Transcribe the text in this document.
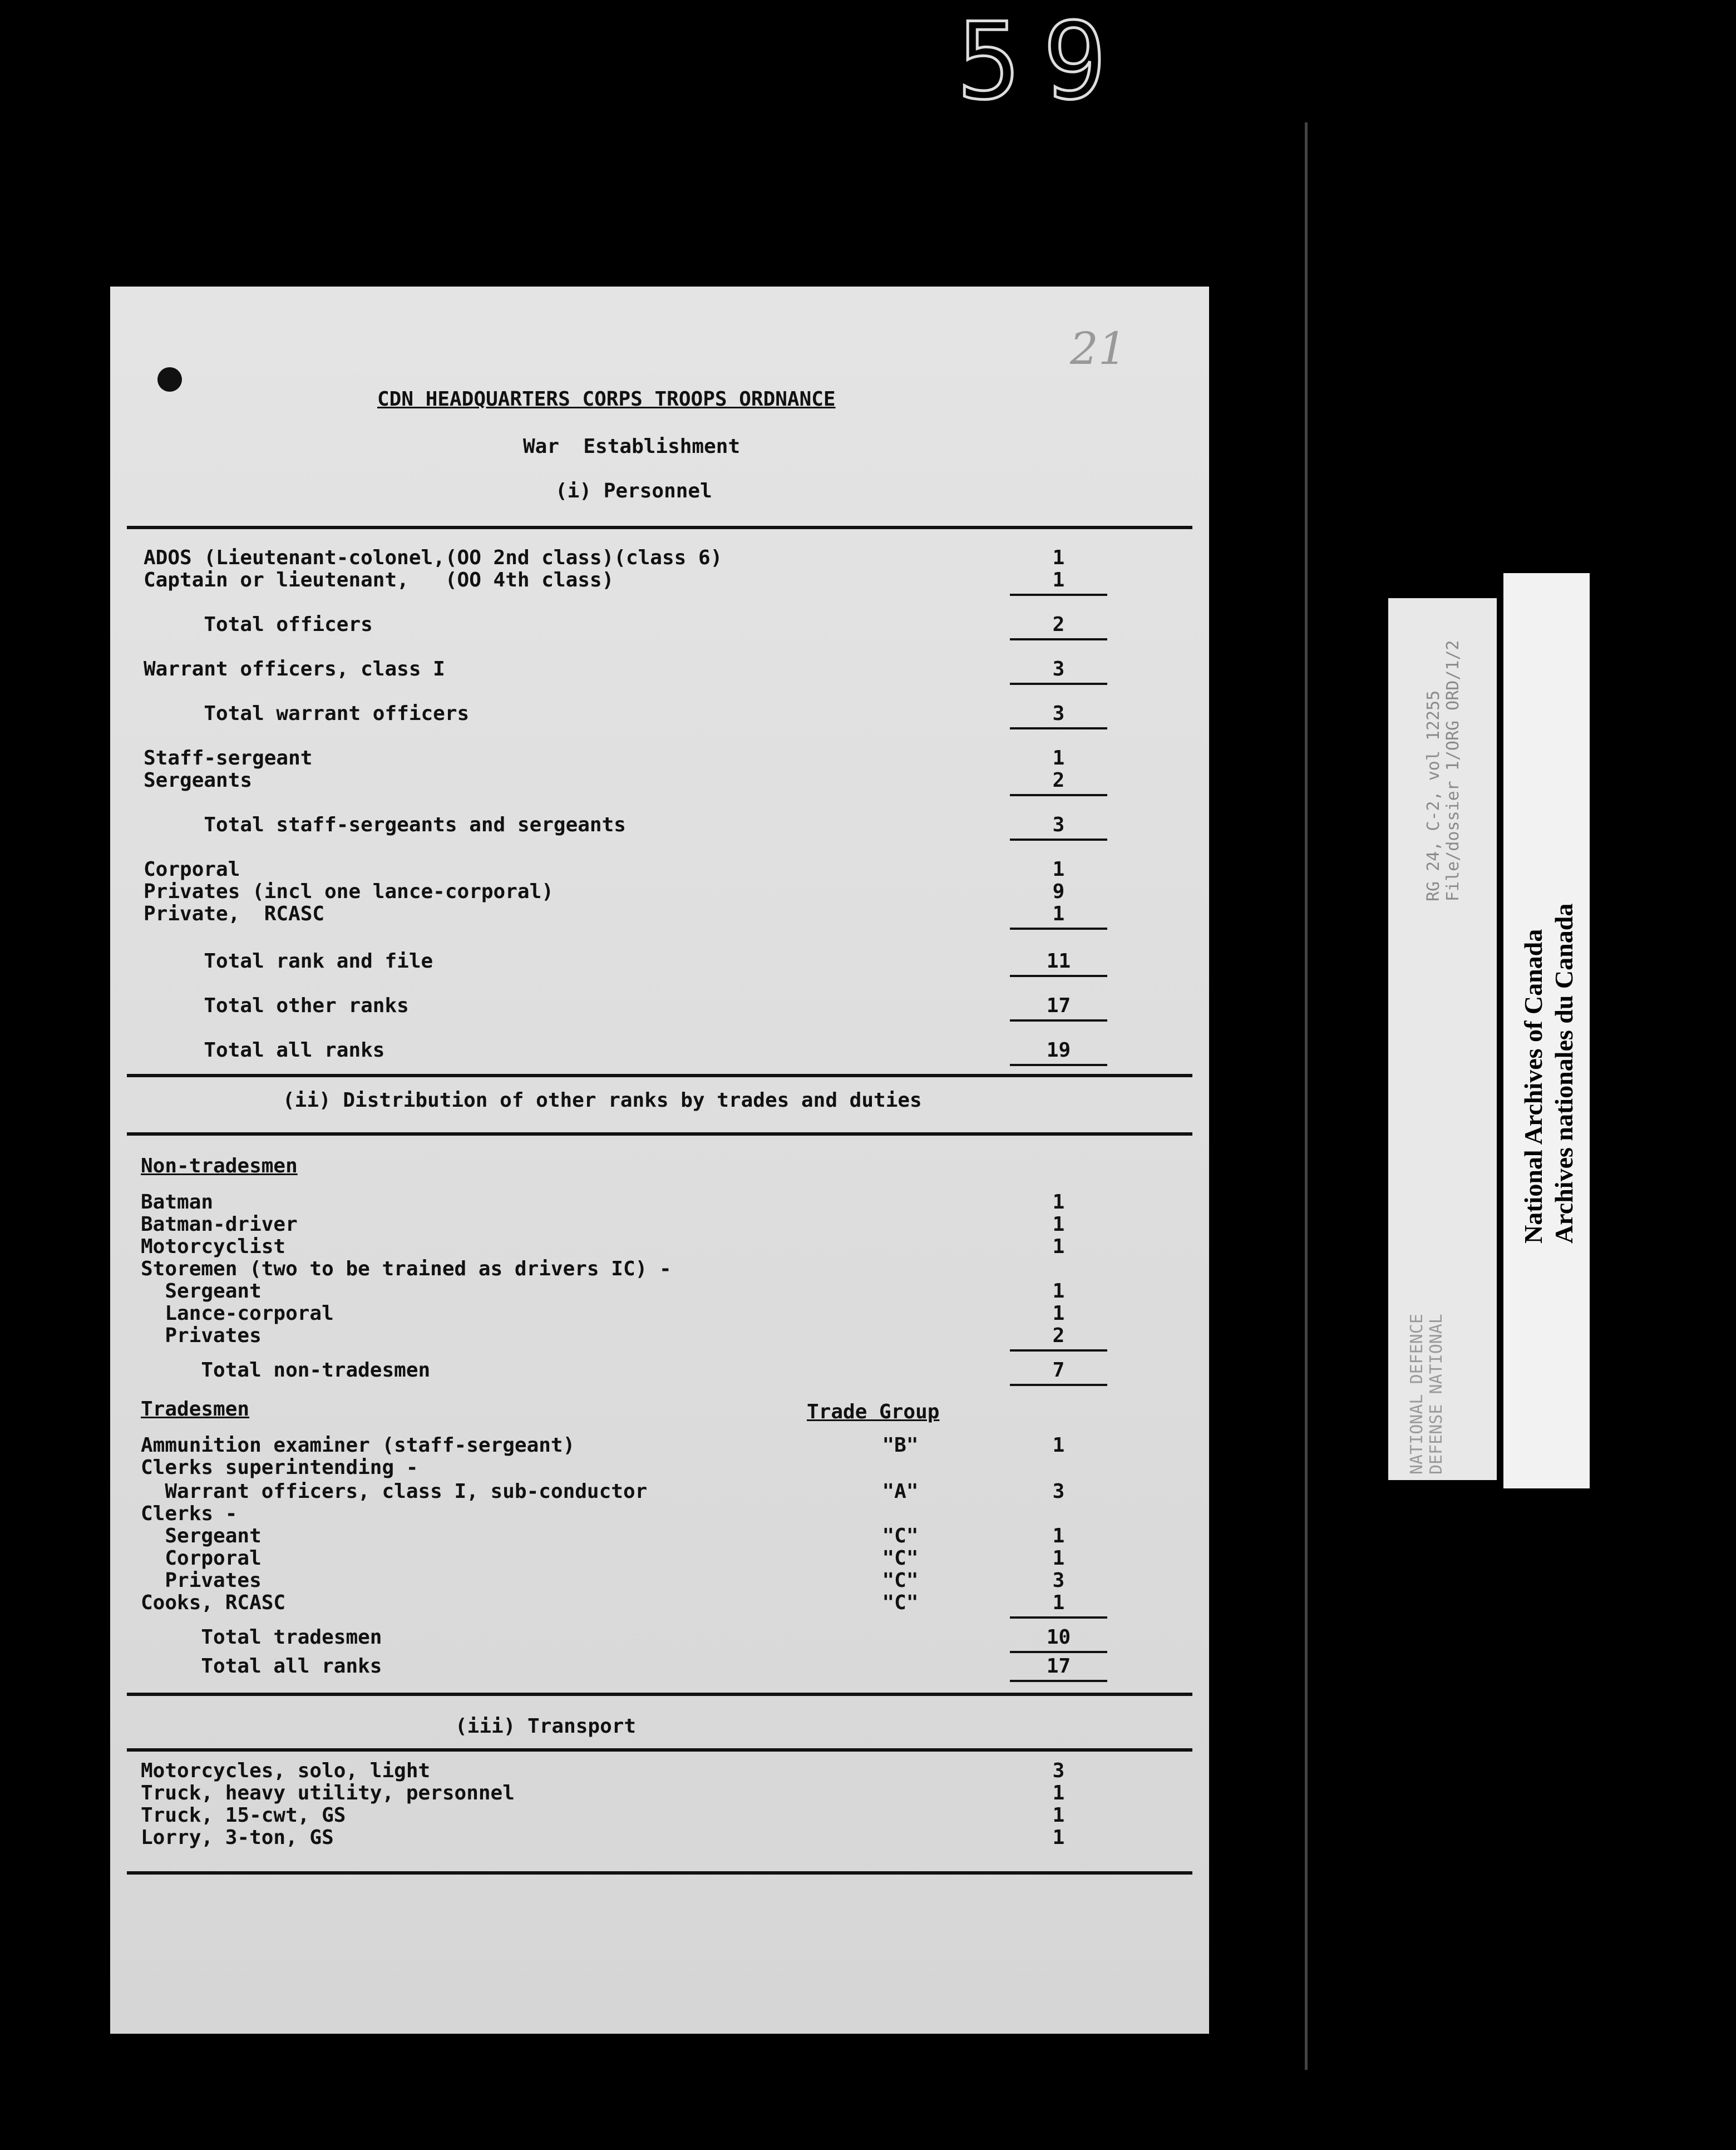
59
21
CDN HEADQUARTERS CORPS TROOPS ORDNANCE
War  Establishment
(i) Personnel
ADOS (Lieutenant-colonel,(OO 2nd class)(class 6)	1
Captain or lieutenant,   (OO 4th class)	1
Total officers	2
Warrant officers, class I	3
Total warrant officers	3
Staff-sergeant	1
Sergeants	2
Total staff-sergeants and sergeants	3
Corporal	1
Privates (incl one lance-corporal)	9
Private,  RCASC	1
Total rank and file	11
Total other ranks	17
Total all ranks	19
(ii) Distribution of other ranks by trades and duties
Non-tradesmen
Batman	1
Batman-driver	1
Motorcyclist	1
Storemen (two to be trained as drivers IC) -
Sergeant	1
Lance-corporal	1
Privates	2
Total non-tradesmen	7
Tradesmen	Trade Group
Ammunition examiner (staff-sergeant)	"B"	1
Clerks superintending -
Warrant officers, class I, sub-conductor	"A"	3
Clerks -
Sergeant	"C"	1
Corporal	"C"	1
Privates	"C"	3
Cooks, RCASC	"C"	1
Total tradesmen	10
Total all ranks	17
(iii) Transport
Motorcycles, solo, light	3
Truck, heavy utility, personnel	1
Truck, 15-cwt, GS	1
Lorry, 3-ton, GS	1
NATIONAL DEFENCE DEFENSE NATIONAL
RG 24, C-2, vol 12255 File/dossier 1/ORG ORD/1/2
National Archives of Canada Archives nationales du Canada
